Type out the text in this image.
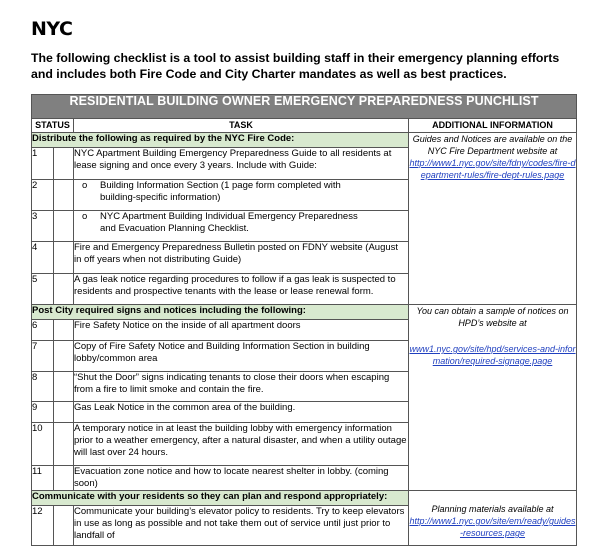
NYC
The following checklist is a tool to assist building staff in their emergency planning efforts and includes both Fire Code and City Charter mandates as well as best practices.
RESIDENTIAL BUILDING OWNER EMERGENCY PREPAREDNESS PUNCHLIST			
STATUS		TASK	ADDITIONAL INFORMATION
Distribute the following as required by the NYC Fire Code:			Guides and Notices are available on the NYC Fire Department website at

http://www1.nyc.gov/site/fdny/codes/fire-department-rules/fire-dept-rules.page

1		NYC Apartment Building Emergency Preparedness Guide to all residents at lease signing and once every 3 years. Include with Guide:	
2		o Building Information Section (1 page form completed with building-specific information)	
3		o NYC Apartment Building Individual Emergency Preparedness and Evacuation Planning Checklist.	
4		Fire and Emergency Preparedness Bulletin posted on FDNY website (August in off years when not distributing Guide)	
5		A gas leak notice regarding procedures to follow if a gas leak is suspected to residents and prospective tenants with the lease or lease renewal form.	
Post City required signs and notices including the following:			You can obtain a sample of notices on HPD’s website at

www1.nyc.gov/site/hpd/services-and-information/required-signage.page

6		Fire Safety Notice on the inside of all apartment doors	
7		Copy of Fire Safety Notice and Building Information Section in building lobby/common area	
8		“Shut the Door” signs indicating tenants to close their doors when escaping from a fire to limit smoke and contain the fire.	
9		Gas Leak Notice in the common area of the building.	
10		A temporary notice in at least the building lobby with emergency information prior to a weather emergency, after a natural disaster, and when a utility outage will last over 24 hours.	
11		Evacuation zone notice and how to locate nearest shelter in lobby. (coming soon)	
Communicate with your residents so they can plan and respond appropriately:			Planning materials available at

http://www1.nyc.gov/site/em/ready/guides-resources.page

12		Communicate your building’s elevator policy to residents. Try to keep elevators in use as long as possible and not take them out of service until just prior to landfall of	
